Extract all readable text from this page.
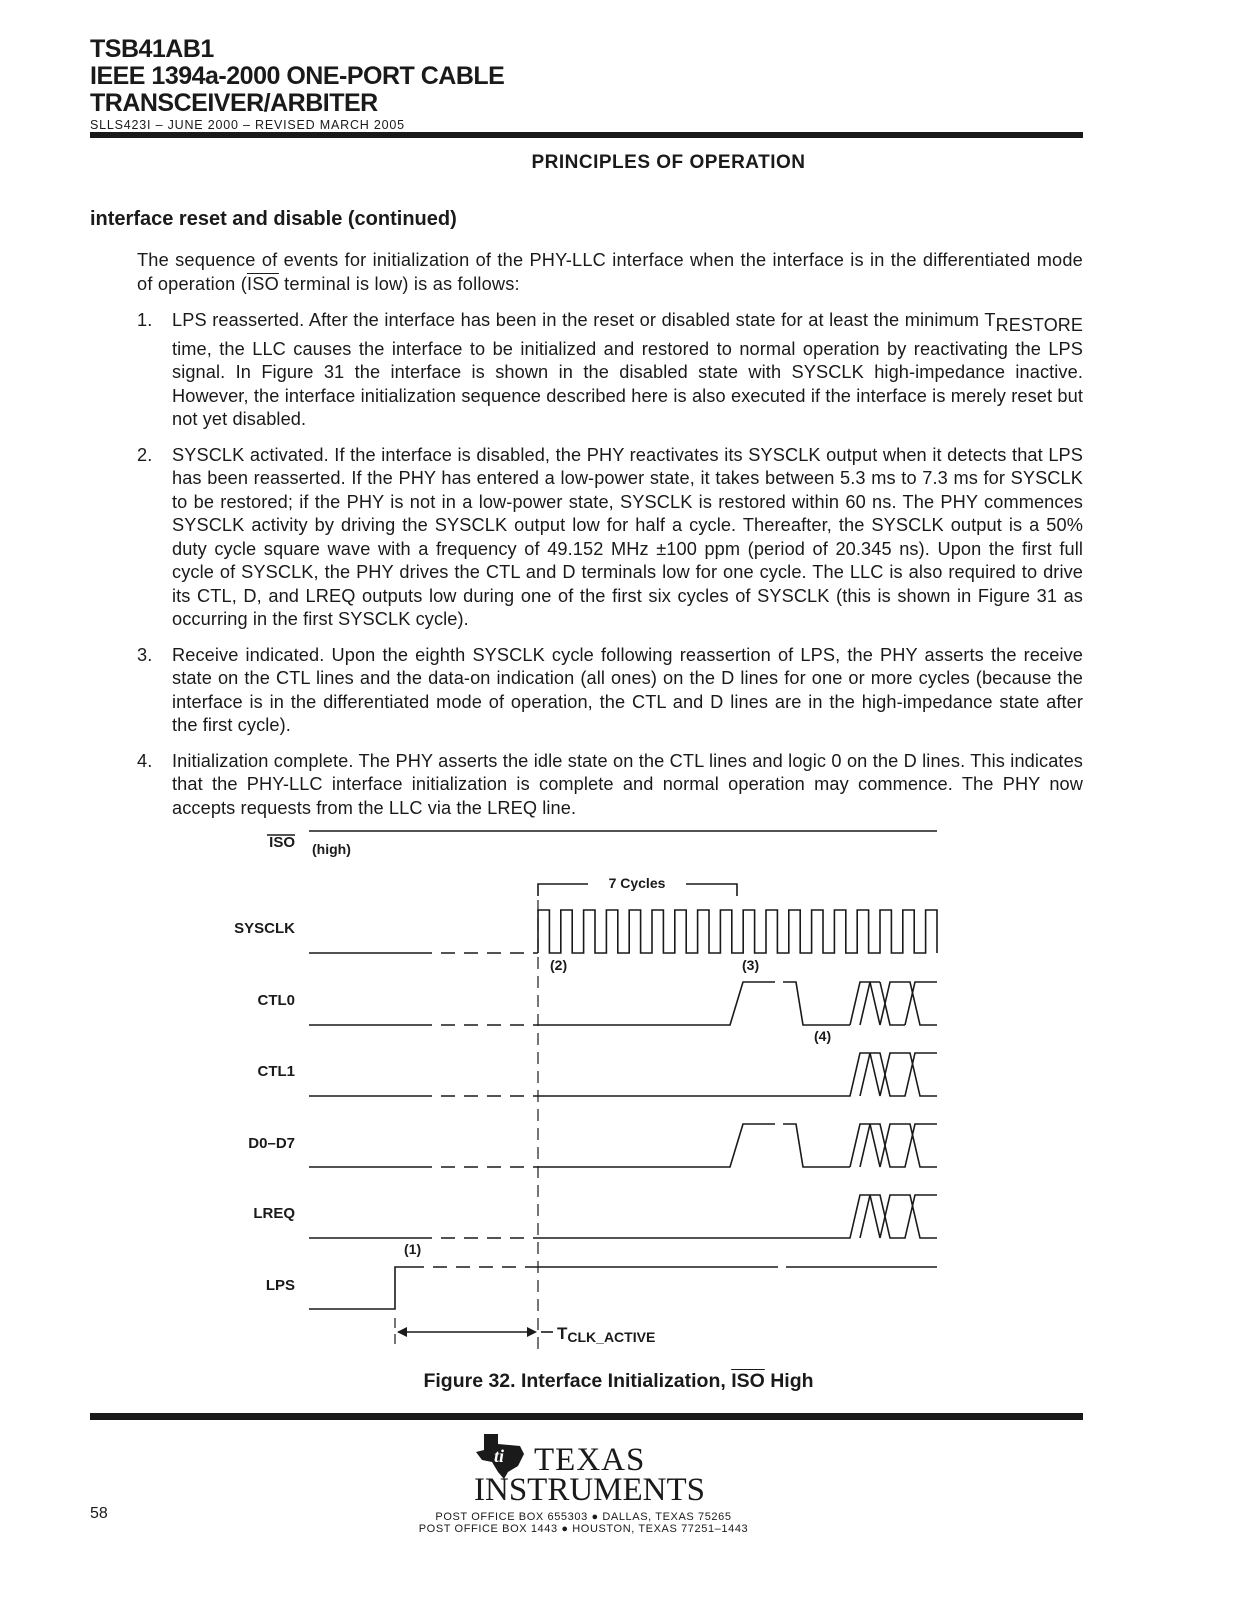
TSB41AB1
IEEE 1394a-2000 ONE-PORT CABLE
TRANSCEIVER/ARBITER
SLLS423I – JUNE 2000 – REVISED MARCH 2005
PRINCIPLES OF OPERATION
interface reset and disable (continued)
The sequence of events for initialization of the PHY-LLC interface when the interface is in the differentiated mode of operation ($\overline{ISO}$ terminal is low) is as follows:
1. LPS reasserted. After the interface has been in the reset or disabled state for at least the minimum $T_{RESTORE}$ time, the LLC causes the interface to be initialized and restored to normal operation by reactivating the LPS signal. In Figure 31 the interface is shown in the disabled state with SYSCLK high-impedance inactive. However, the interface initialization sequence described here is also executed if the interface is merely reset but not yet disabled.
2. SYSCLK activated. If the interface is disabled, the PHY reactivates its SYSCLK output when it detects that LPS has been reasserted. If the PHY has entered a low-power state, it takes between 5.3 ms to 7.3 ms for SYSCLK to be restored; if the PHY is not in a low-power state, SYSCLK is restored within 60 ns. The PHY commences SYSCLK activity by driving the SYSCLK output low for half a cycle. Thereafter, the SYSCLK output is a 50% duty cycle square wave with a frequency of 49.152 MHz ±100 ppm (period of 20.345 ns). Upon the first full cycle of SYSCLK, the PHY drives the CTL and D terminals low for one cycle. The LLC is also required to drive its CTL, D, and LREQ outputs low during one of the first six cycles of SYSCLK (this is shown in Figure 31 as occurring in the first SYSCLK cycle).
3. Receive indicated. Upon the eighth SYSCLK cycle following reassertion of LPS, the PHY asserts the receive state on the CTL lines and the data-on indication (all ones) on the D lines for one or more cycles (because the interface is in the differentiated mode of operation, the CTL and D lines are in the high-impedance state after the first cycle).
4. Initialization complete. The PHY asserts the idle state on the CTL lines and logic 0 on the D lines. This indicates that the PHY-LLC interface initialization is complete and normal operation may commence. The PHY now accepts requests from the LLC via the LREQ line.
ISO
SYSCLK
CTL0
CTL1
D0–D7
LREQ
LPS
(high)
7 Cycles
TCLK_ACTIVE
(1)
(2)	(3)
(4)
Figure 32. Interface Initialization, $\overline{ISO}$ High
ti TEXAS
INSTRUMENTS
58	POST OFFICE BOX 655303 ● DALLAS, TEXAS 75265
POST OFFICE BOX 1443 ● HOUSTON, TEXAS 77251–1443
